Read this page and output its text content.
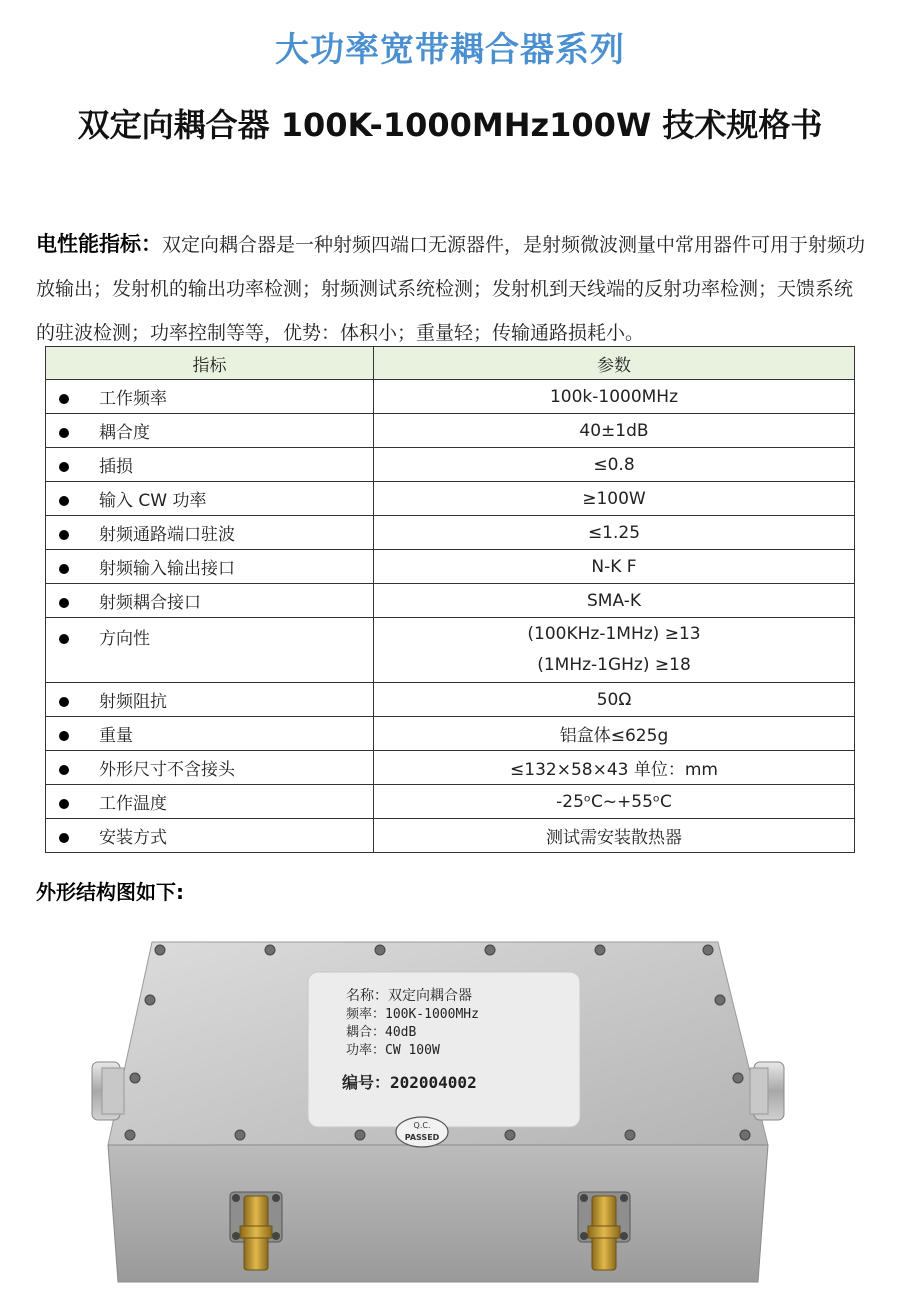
大功率宽带耦合器系列
双定向耦合器 100K-1000MHz100W 技术规格书
电性能指标：双定向耦合器是一种射频四端口无源器件，是射频微波测量中常用器件可用于射频功放输出；发射机的输出功率检测；射频测试系统检测；发射机到天线端的反射功率检测；天馈系统的驻波检测；功率控制等等，优势：体积小；重量轻；传输通路损耗小。
指标	参数
工作频率	100k-1000MHz
耦合度	40±1dB
插损	≤0.8
输入 CW 功率	≥100W
射频通路端口驻波	≤1.25
射频输入输出接口	N-K F
射频耦合接口	SMA-K
方向性	(100KHz-1MHz) ≥13
(1MHz-1GHz) ≥18

射频阻抗	50Ω
重量	铝盒体≤625g
外形尺寸不含接头	≤132×58×43 单位：mm
工作温度	-25ᵒC~+55ᵒC
安装方式	测试需安装散热器
外形结构图如下:
名称：双定向耦合器
频率：100K-1000MHz
耦合：40dB
功率：CW 100W
编号：202004002
Q.C.
PASSED
